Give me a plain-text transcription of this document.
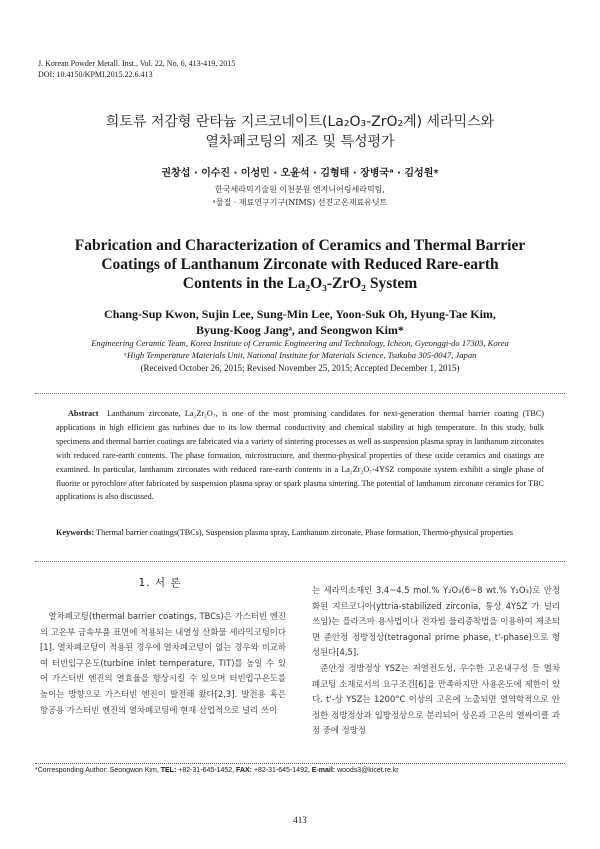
J. Korean Powder Metall. Inst., Vol. 22, No. 6, 413-419, 2015
DOI: 10.4150/KPMI.2015.22.6.413
희토류 저감형 란타늄 지르코네이트(La₂O₃-ZrO₂계) 세라믹스와
열차폐코팅의 제조 및 특성평가
권창섭 · 이수진 · 이성민 · 오윤석 · 김형태 · 장병국ᵃ · 김성원*
한국세라믹기술원 이천분원 엔지니어링세라믹팀,
ᵃ물질 · 재료연구기구(NIMS) 선진고온재료유닛트
Fabrication and Characterization of Ceramics and Thermal Barrier
Coatings of Lanthanum Zirconate with Reduced Rare-earth
Contents in the La₂O₃-ZrO₂ System
Chang-Sup Kwon, Sujin Lee, Sung-Min Lee, Yoon-Suk Oh, Hyung-Tae Kim,
Byung-Koog Jangᵃ, and Seongwon Kim*
Engineering Ceramic Team, Korea Institute of Ceramic Engineering and Technology, Icheon, Gyeonggi-do 17303, Korea
ᵃHigh Temperature Materials Unit, National Institute for Materials Science, Tsukuba 305-0047, Japan
(Received October 26, 2015; Revised November 25, 2015; Accepted December 1, 2015)
Abstract Lanthanum zirconate, La₂Zr₂O₇, is one of the most promising candidates for next-generation thermal barrier coating (TBC) applications in high efficient gas turbines due to its low thermal conductivity and chemical stability at high temperature. In this study, bulk specimens and thermal barrier coatings are fabricated via a variety of sintering processes as well as suspension plasma spray in lanthanum zirconates with reduced rare-earth contents. The phase formation, microstructure, and thermo-physical properties of these oxide ceramics and coatings are examined. In particular, lanthanum zirconates with reduced rare-earth contents in a La₂Zr₂O₇-4YSZ composite system exhibit a single phase of fluorite or pyrochlore after fabricated by suspension plasma spray or spark plasma sintering. The potential of lanthanum zirconate ceramics for TBC applications is also discussed.
Keywords: Thermal barrier coatings(TBCs), Suspension plasma spray, Lanthanum zirconate, Phase formation, Thermo-physical properties
1. 서 론

열차폐코팅(thermal barrier coatings, TBCs)은 가스터빈 엔진의 고온부 금속부품 표면에 적용되는 내열성 산화물 세라믹코팅이다[1]. 열차폐코팅이 적용된 경우에 열차폐코팅이 없는 경우와 비교하여 터빈입구온도(turbine inlet temperature, TIT)를 높일 수 있어 가스터빈 엔진의 열효율을 향상시킬 수 있으며 터빈입구온도를 높이는 방향으로 가스터빈 엔진이 발전해 왔다[2,3]. 발전용 혹은 항공용 가스터빈 엔진의 열차폐코팅에 현재 산업적으로 널리 쓰이

는 세라믹소재인 3.4~4.5 mol.% Y₂O₃(6~8 wt.% Y₂O₃)로 안정화된 지르코니아(yttria-stabilized zirconia, 통상 4YSZ 가 널리 쓰임)는 플라즈마 용사법이나 전자빔 물리증착법을 이용하여 제조되면 준안정 정방정상(tetragonal prime phase, t'-phase)으로 형성된다[4,5].

준안정 정방정상 YSZ는 저열전도성, 우수한 고온내구성 등 열차폐코팅 소재로서의 요구조건[6]을 만족하지만 사용온도에 제한이 있다. t'-상 YSZ는 1200°C 이상의 고온에 노출되면 열역학적으로 안정한 정방정상과 입방정상으로 분리되어 상온과 고온의 열싸이클 과정 중에 정방정

*Corresponding Author: Seongwon Kim, TEL: +82-31-645-1452, FAX: +82-31-645-1492, E-mail: woods3@kicet.re.kr
413
